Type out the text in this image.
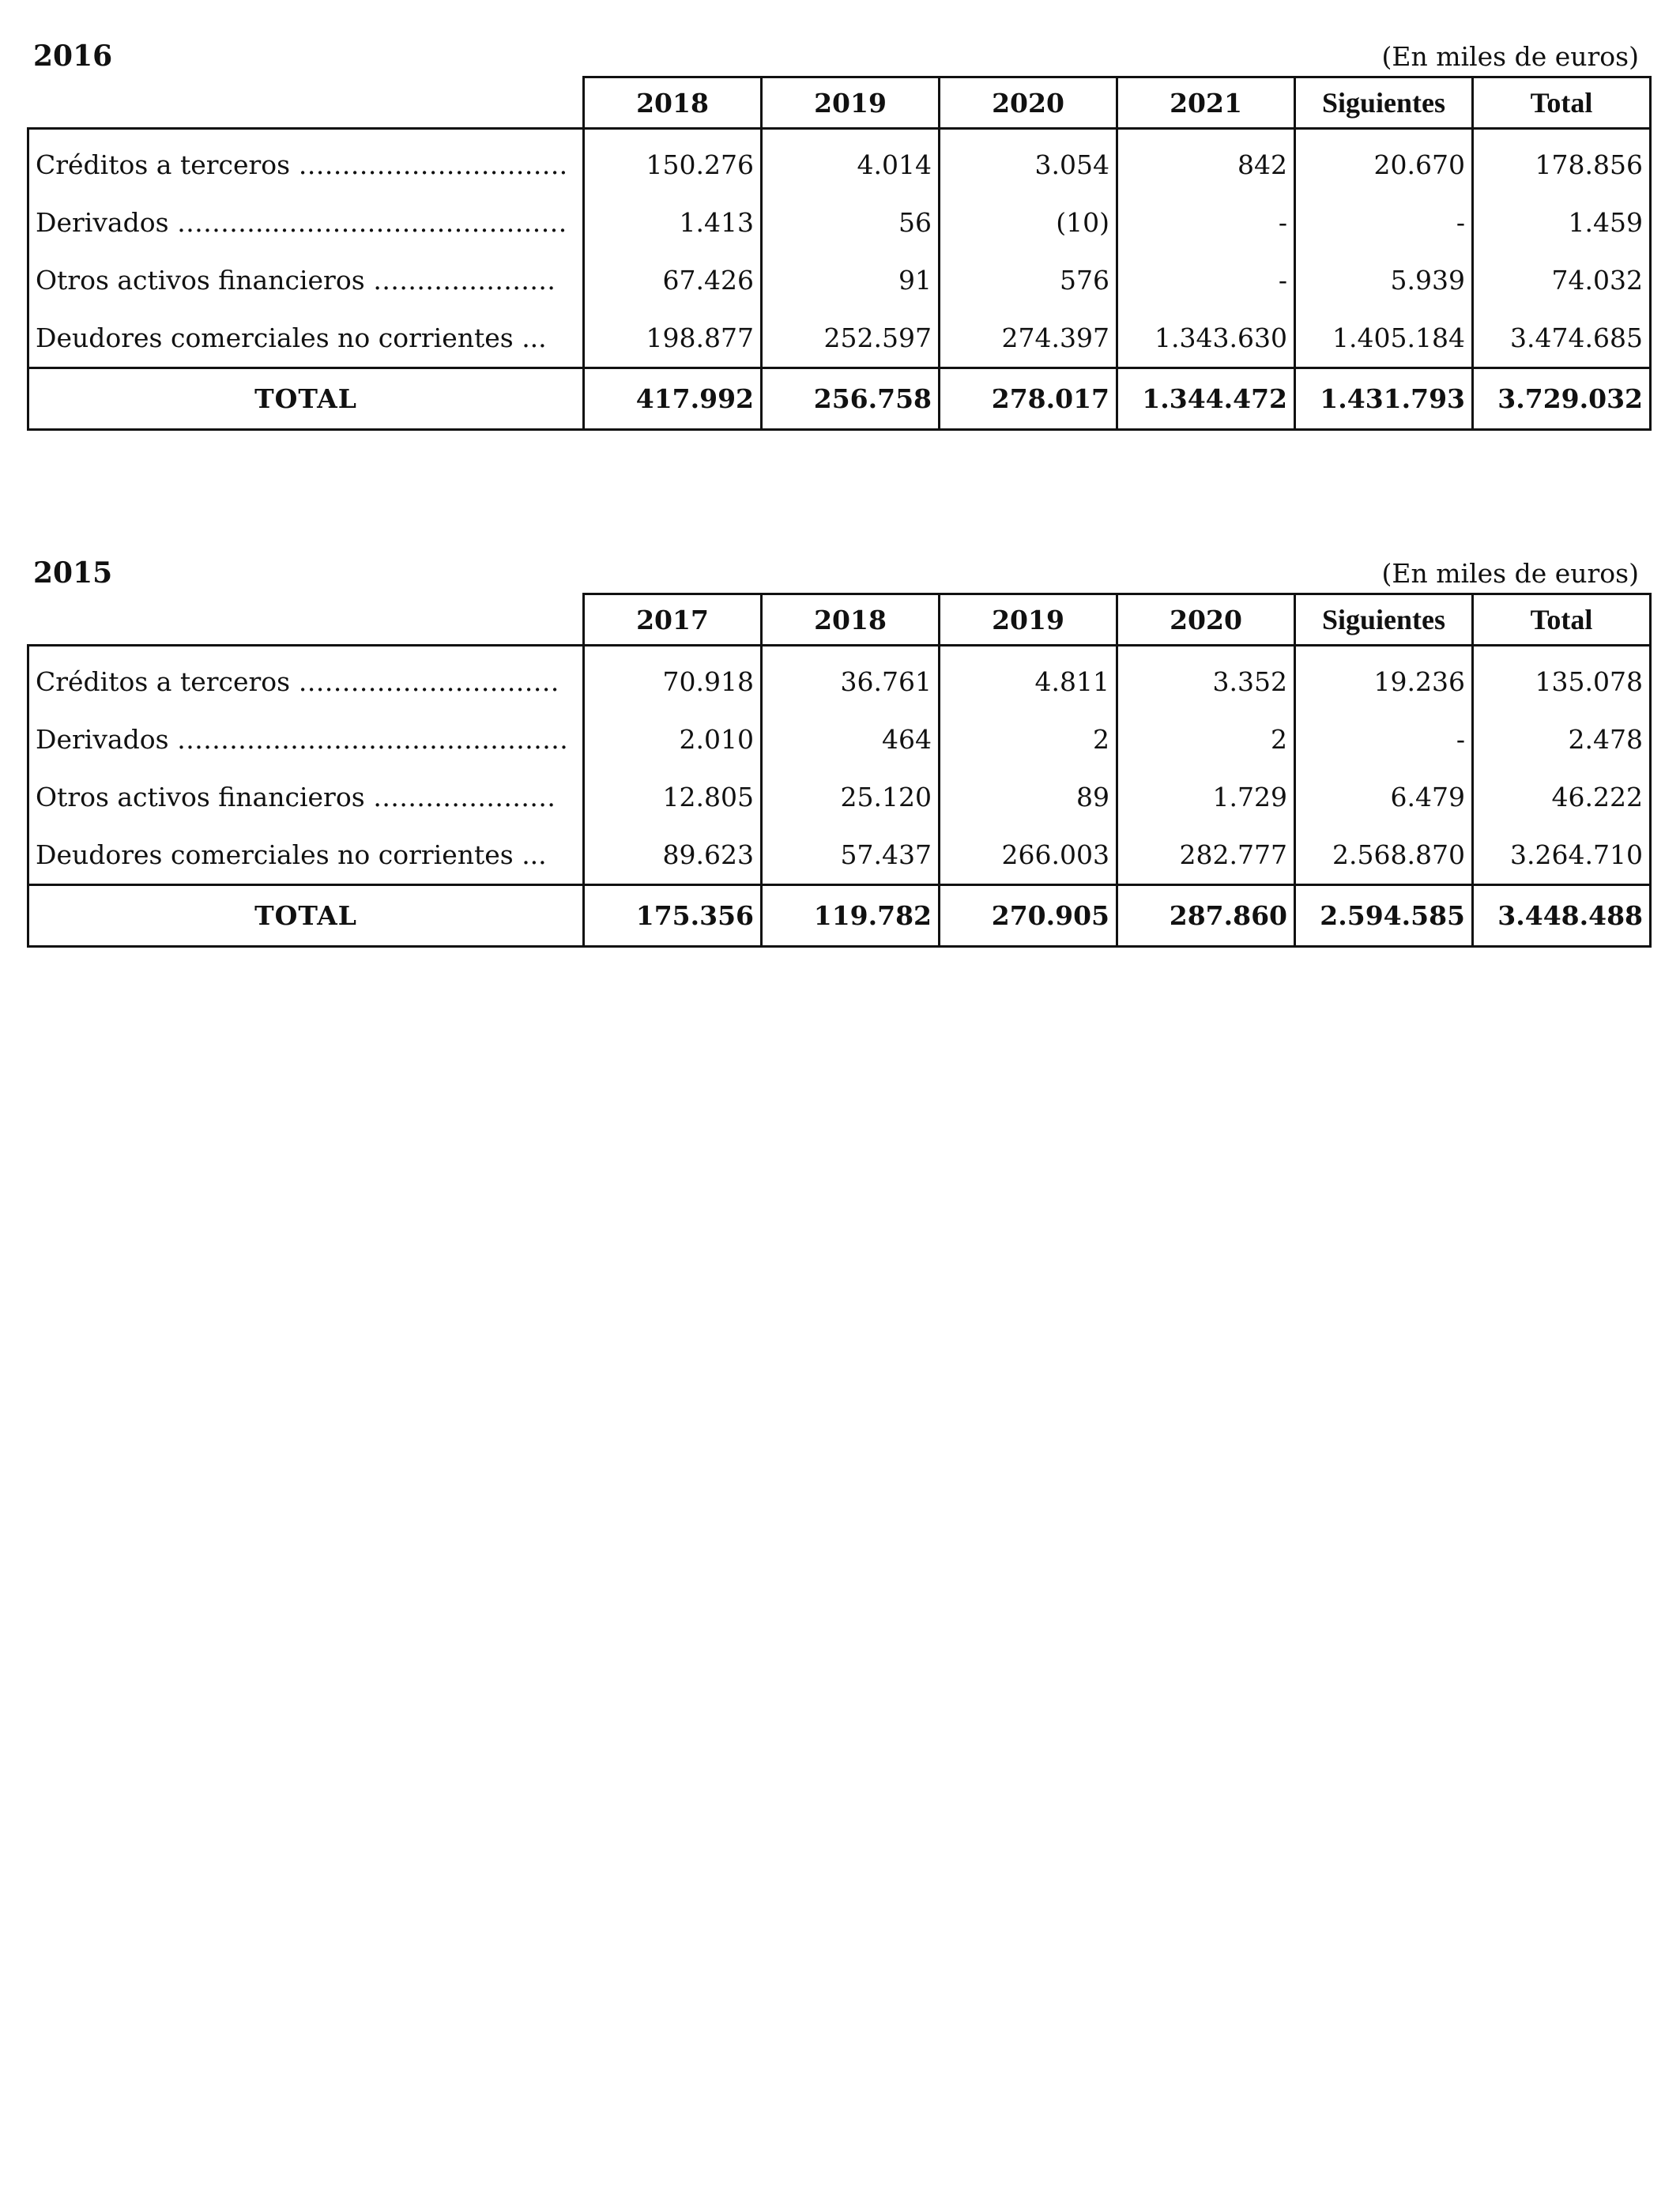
2016	(En miles de euros)
	2018	2019	2020	2021	Siguientes	Total
Créditos a terceros ………………………….	150.276	4.014	3.054	842	20.670	178.856
Derivados ………...……………………………	1.413	56	(10)	-	-	1.459
Otros activos financieros …………………	67.426	91	576	-	5.939	74.032
Deudores comerciales no corrientes ...	198.877	252.597	274.397	1.343.630	1.405.184	3.474.685
TOTAL	417.992	256.758	278.017	1.344.472	1.431.793	3.729.032
2015	(En miles de euros)
	2017	2018	2019	2020	Siguientes	Total
Créditos a terceros …………………………	70.918	36.761	4.811	3.352	19.236	135.078
Derivados ………………………………………	2.010	464	2	2	-	2.478
Otros activos financieros …………………	12.805	25.120	89	1.729	6.479	46.222
Deudores comerciales no corrientes ...	89.623	57.437	266.003	282.777	2.568.870	3.264.710
TOTAL	175.356	119.782	270.905	287.860	2.594.585	3.448.488
